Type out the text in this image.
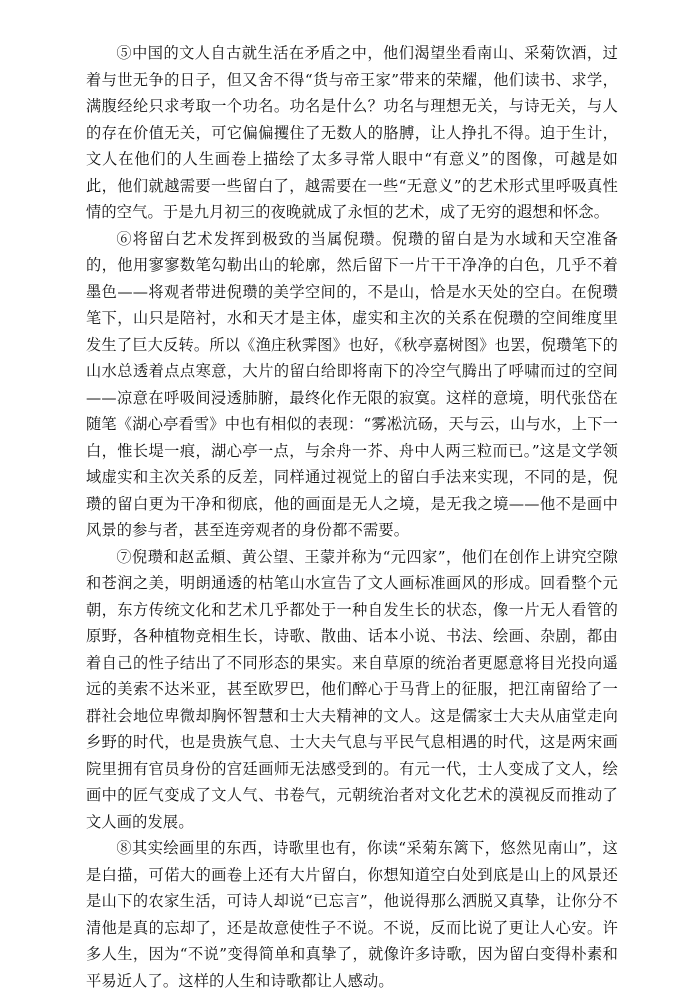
⑤中国的文人自古就生活在矛盾之中，他们渴望坐看南山、采菊饮酒，过着与世无争的日子，但又舍不得“货与帝王家”带来的荣耀，他们读书、求学，满腹经纶只求考取一个功名。功名是什么？功名与理想无关，与诗无关，与人的存在价值无关，可它偏偏攫住了无数人的胳膊，让人挣扎不得。迫于生计，文人在他们的人生画卷上描绘了太多寻常人眼中“有意义”的图像，可越是如此，他们就越需要一些留白了，越需要在一些“无意义”的艺术形式里呼吸真性情的空气。于是九月初三的夜晚就成了永恒的艺术，成了无穷的遐想和怀念。

⑥将留白艺术发挥到极致的当属倪瓒。倪瓒的留白是为水域和天空准备的，他用寥寥数笔勾勒出山的轮廓，然后留下一片干干净净的白色，几乎不着墨色——将观者带进倪瓒的美学空间的，不是山，恰是水天处的空白。在倪瓒笔下，山只是陪衬，水和天才是主体，虚实和主次的关系在倪瓒的空间维度里发生了巨大反转。所以《渔庄秋霁图》也好，《秋亭嘉树图》也罢，倪瓒笔下的山水总透着点点寒意，大片的留白给即将南下的冷空气腾出了呼啸而过的空间——凉意在呼吸间浸透肺腑，最终化作无限的寂寞。这样的意境，明代张岱在随笔《湖心亭看雪》中也有相似的表现：“雾凇沆砀，天与云，山与水，上下一白，惟长堤一痕，湖心亭一点，与余舟一芥、舟中人两三粒而已。”这是文学领域虚实和主次关系的反差，同样通过视觉上的留白手法来实现，不同的是，倪瓒的留白更为干净和彻底，他的画面是无人之境，是无我之境——他不是画中风景的参与者，甚至连旁观者的身份都不需要。

⑦倪瓒和赵孟頫、黄公望、王蒙并称为“元四家”，他们在创作上讲究空隙和苍润之美，明朗通透的枯笔山水宣告了文人画标准画风的形成。回看整个元朝，东方传统文化和艺术几乎都处于一种自发生长的状态，像一片无人看管的原野，各种植物竞相生长，诗歌、散曲、话本小说、书法、绘画、杂剧，都由着自己的性子结出了不同形态的果实。来自草原的统治者更愿意将目光投向遥远的美索不达米亚，甚至欧罗巴，他们醉心于马背上的征服，把江南留给了一群社会地位卑微却胸怀智慧和士大夫精神的文人。这是儒家士大夫从庙堂走向乡野的时代，也是贵族气息、士大夫气息与平民气息相遇的时代，这是两宋画院里拥有官员身份的宫廷画师无法感受到的。有元一代，士人变成了文人，绘画中的匠气变成了文人气、书卷气，元朝统治者对文化艺术的漠视反而推动了文人画的发展。

⑧其实绘画里的东西，诗歌里也有，你读“采菊东篱下，悠然见南山”，这是白描，可偌大的画卷上还有大片留白，你想知道空白处到底是山上的风景还是山下的农家生活，可诗人却说“已忘言”，他说得那么洒脱又真挚，让你分不清他是真的忘却了，还是故意使性子不说。不说，反而比说了更让人心安。许多人生，因为“不说”变得简单和真挚了，就像许多诗歌，因为留白变得朴素和平易近人了。这样的人生和诗歌都让人感动。
